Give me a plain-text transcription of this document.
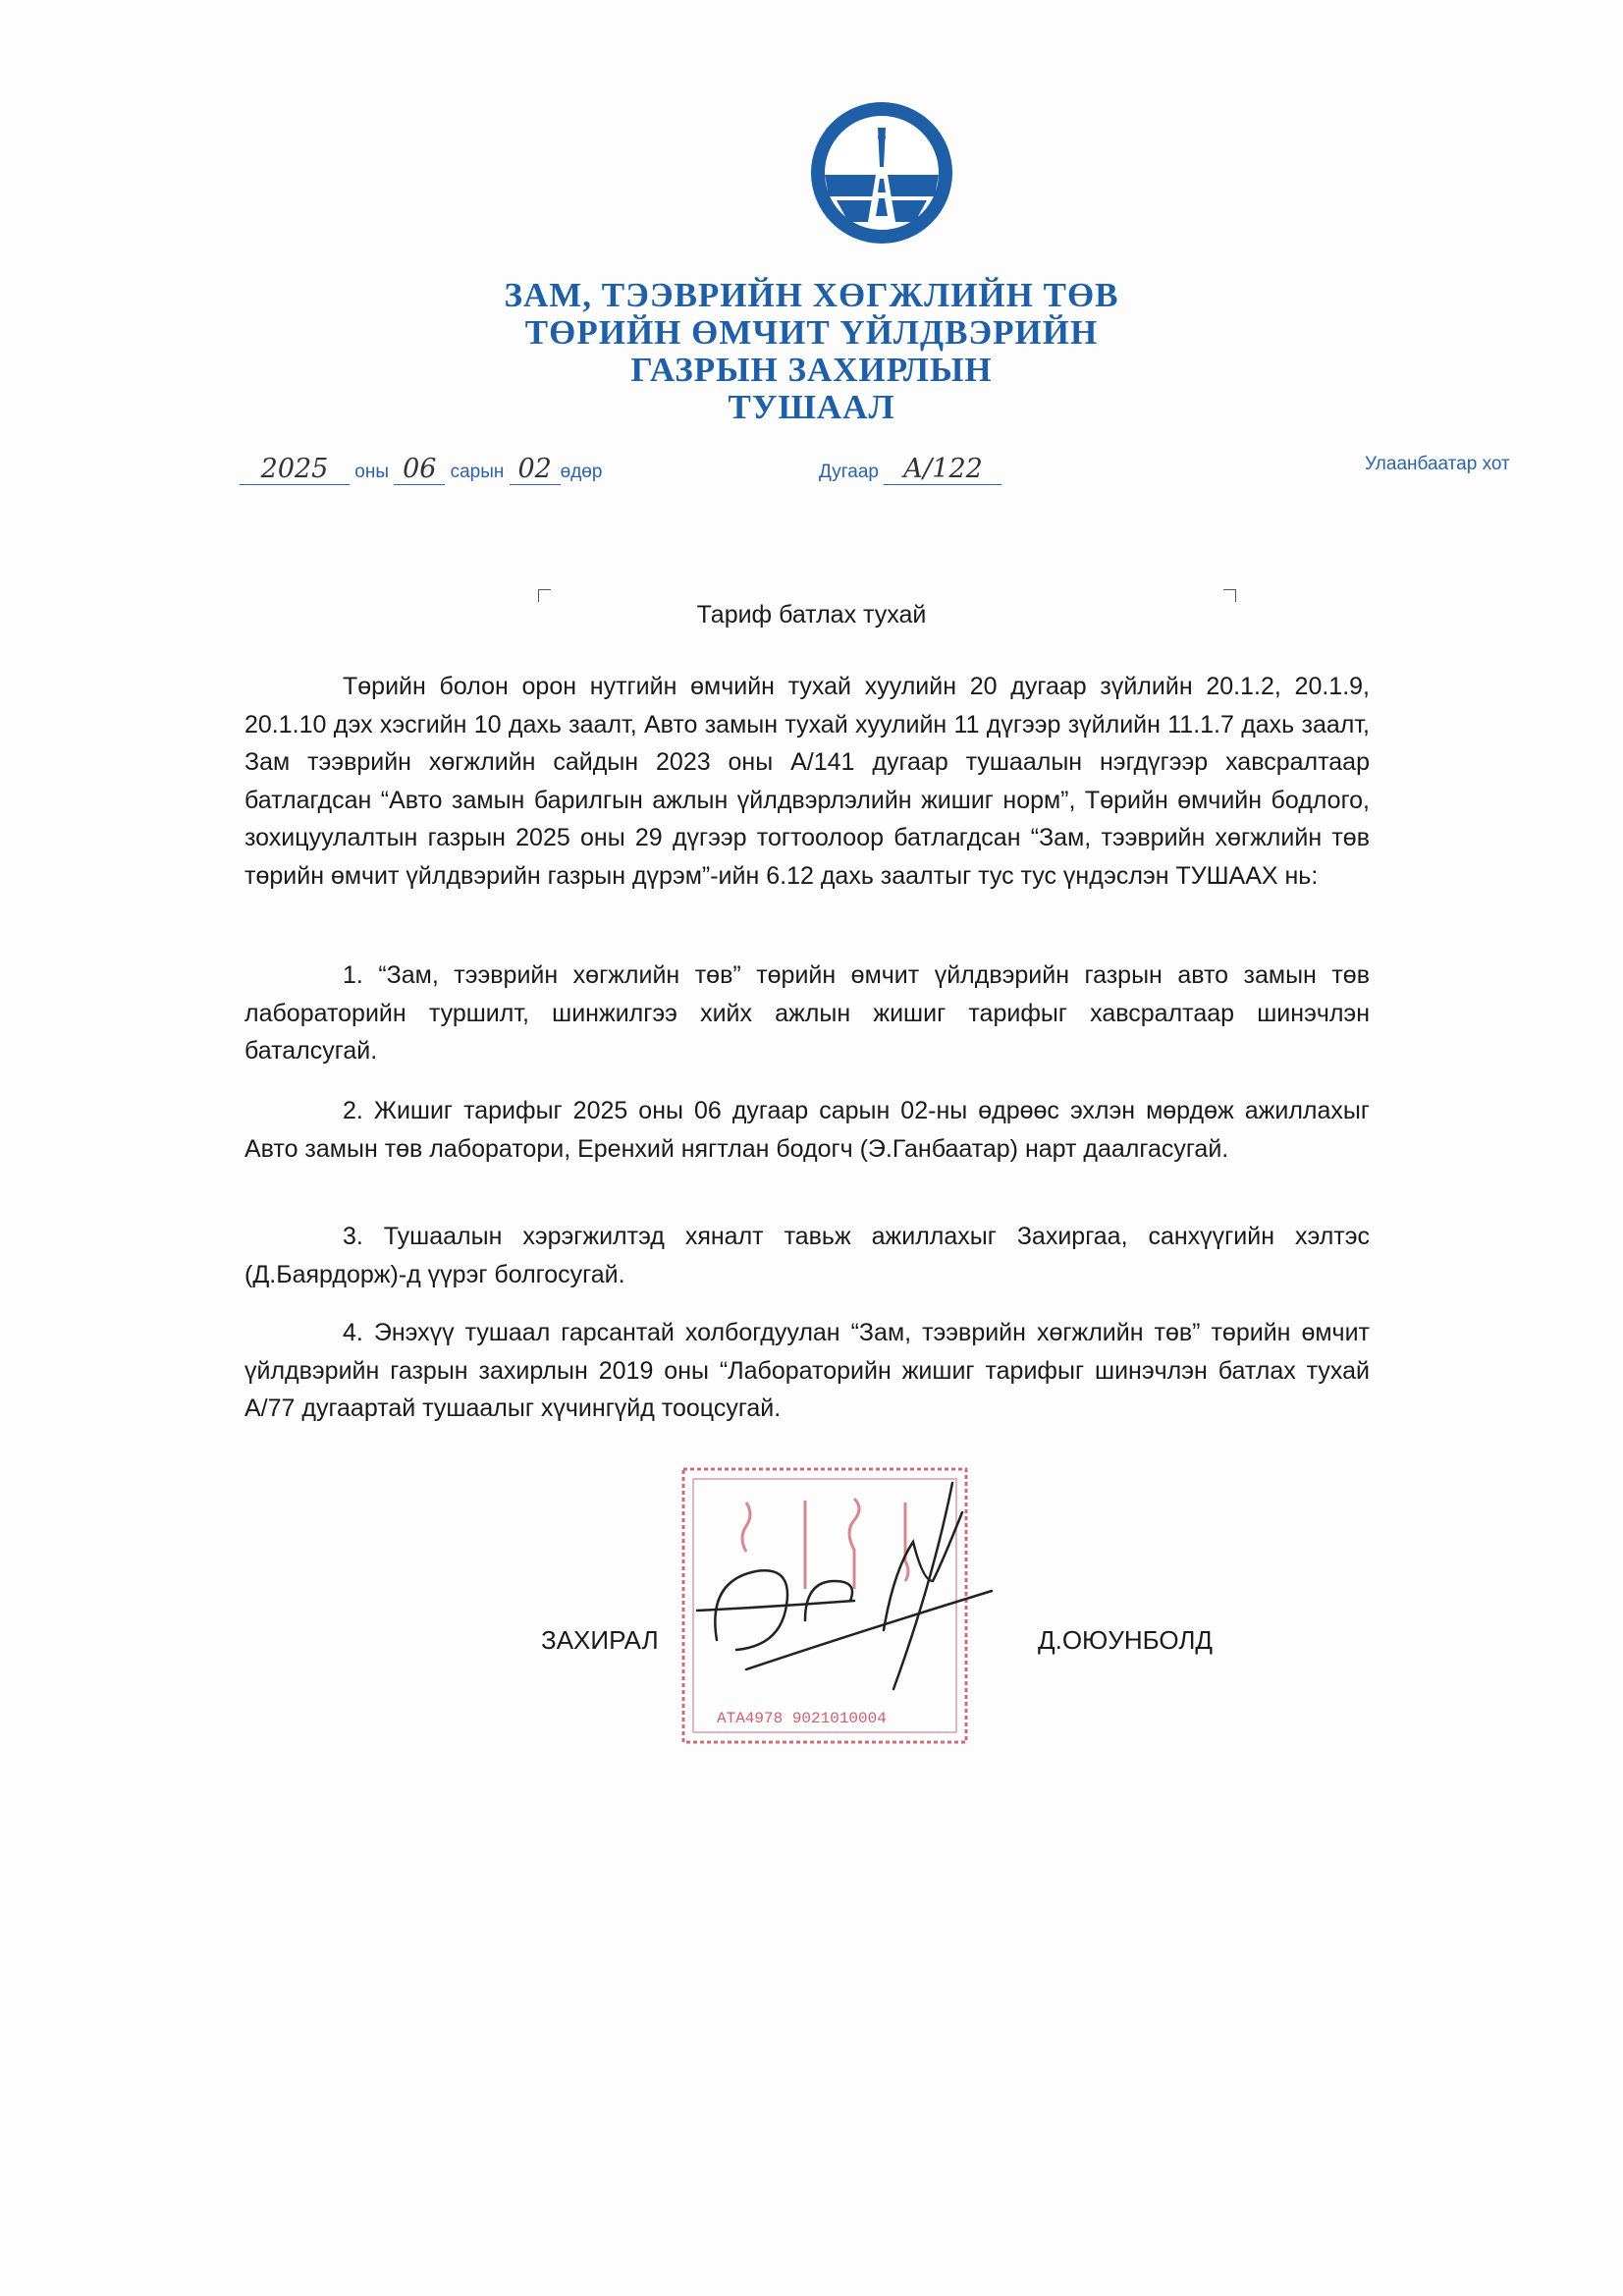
ЗАМ, ТЭЭВРИЙН ХӨГЖЛИЙН ТӨВ
ТӨРИЙН ӨМЧИТ ҮЙЛДВЭРИЙН
ГАЗРЫН ЗАХИРЛЫН
ТУШААЛ
2025 оны 06 сарын 02 өдөр	Дугаар А/122	Улаанбаатар хот
Тариф батлах тухай
Төрийн болон орон нутгийн өмчийн тухай хуулийн 20 дугаар зүйлийн 20.1.2, 20.1.9, 20.1.10 дэх хэсгийн 10 дахь заалт, Авто замын тухай хуулийн 11 дүгээр зүйлийн 11.1.7 дахь заалт, Зам тээврийн хөгжлийн сайдын 2023 оны А/141 дугаар тушаалын нэгдүгээр хавсралтаар батлагдсан “Авто замын барилгын ажлын үйлдвэрлэлийн жишиг норм”, Төрийн өмчийн бодлого, зохицуулалтын газрын 2025 оны 29 дүгээр тогтоолоор батлагдсан “Зам, тээврийн хөгжлийн төв төрийн өмчит үйлдвэрийн газрын дүрэм”-ийн 6.12 дахь заалтыг тус тус үндэслэн ТУШААХ нь:
1. “Зам, тээврийн хөгжлийн төв” төрийн өмчит үйлдвэрийн газрын авто замын төв лабораторийн туршилт, шинжилгээ хийх ажлын жишиг тарифыг хавсралтаар шинэчлэн баталсугай.
2. Жишиг тарифыг 2025 оны 06 дугаар сарын 02-ны өдрөөс эхлэн мөрдөж ажиллахыг Авто замын төв лаборатори, Еренхий нягтлан бодогч (Э.Ганбаатар) нарт даалгасугай.
3. Тушаалын хэрэгжилтэд хяналт тавьж ажиллахыг Захиргаа, санхүүгийн хэлтэс (Д.Баярдорж)-д үүрэг болгосугай.
4. Энэхүү тушаал гарсантай холбогдуулан “Зам, тээврийн хөгжлийн төв” төрийн өмчит үйлдвэрийн газрын захирлын 2019 оны “Лабораторийн жишиг тарифыг шинэчлэн батлах тухай А/77 дугаартай тушаалыг хүчингүйд тооцсугай.
АТА4978 9021010004
ЗАХИРАЛ	Д.ОЮУНБОЛД
